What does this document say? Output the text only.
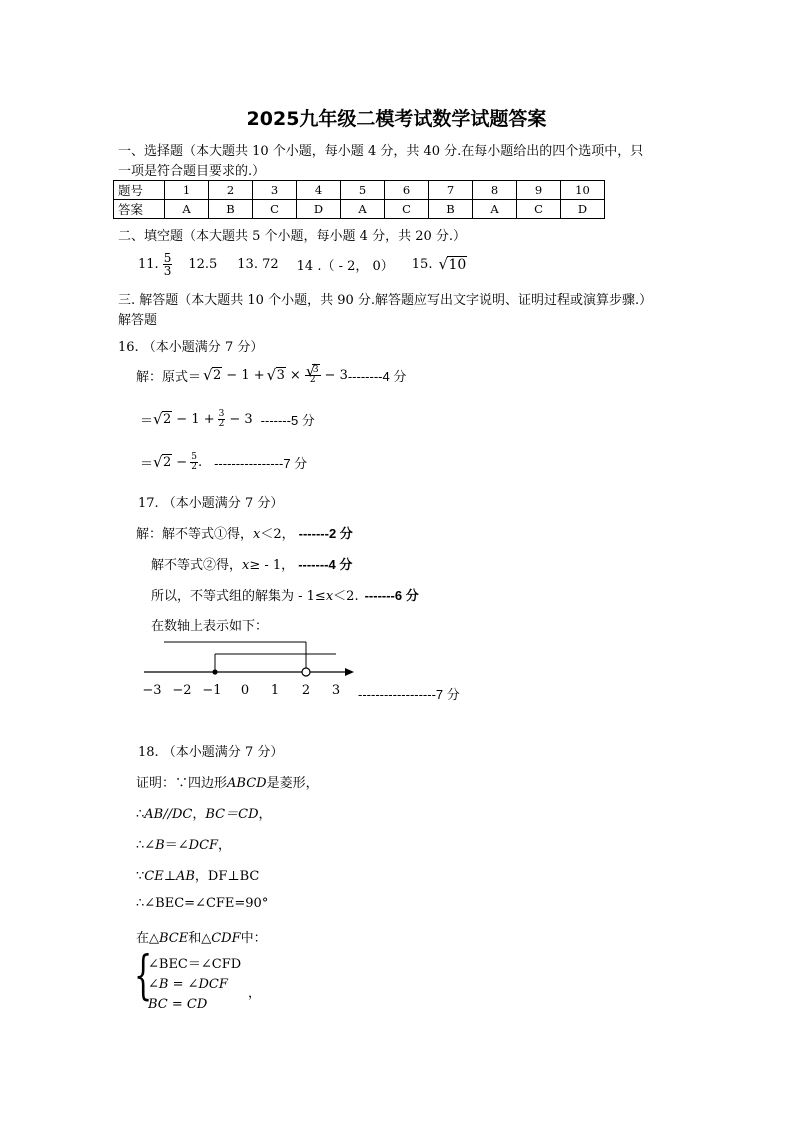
2025九年级二模考试数学试题答案
一、选择题（本大题共 10 个小题，每小题 4 分，共 40 分.在每小题给出的四个选项中，只
一项是符合题目要求的.）
题号	1	2	3	4	5	6	7	8	9	10
答案	A	B	C	D	A	C	B	A	C	D
二、填空题（本大题共 5 个小题，每小题 4 分，共 20 分.）
11. $\frac{5}{3} 12.5$ 13. 72 14 .（ - 2， 0） 15.	√ 10
三. 解答题（本大题共 10 个小题，共 90 分.解答题应写出文字说明、证明过程或演算步骤.）
解答题
16. （本小题满分 7 分）
解：原式＝ √ 2 − 1 + √ 3 × √ $\frac{3}{2} - 3$ --------4 分
＝ √ $2 - 1 + \frac{3}{2} - 3$ -------5 分
＝ √ $2 - \frac{5}{2}$ . ----------------7 分
17. （本小题满分 7 分）
解：解不等式①得，x＜2， -------2 分
解不等式②得，x≥ - 1， -------4 分
所以，不等式组的解集为 - 1≤x＜2. -------6 分
在数轴上表示如下：
−3 −2 −1 0 1 2 3 ------------------7 分
18. （本小题满分 7 分）
证明：∵四边形ABCD是菱形，
∴AB//DC，BC＝CD，
∴∠B＝∠DCF，
∵CE⊥AB，DF⊥BC
∴∠BEC=∠CFE=90°
在△BCE和△CDF中：
{
∠BEC＝∠CFD
∠B = ∠DCF
BC = CD
，
